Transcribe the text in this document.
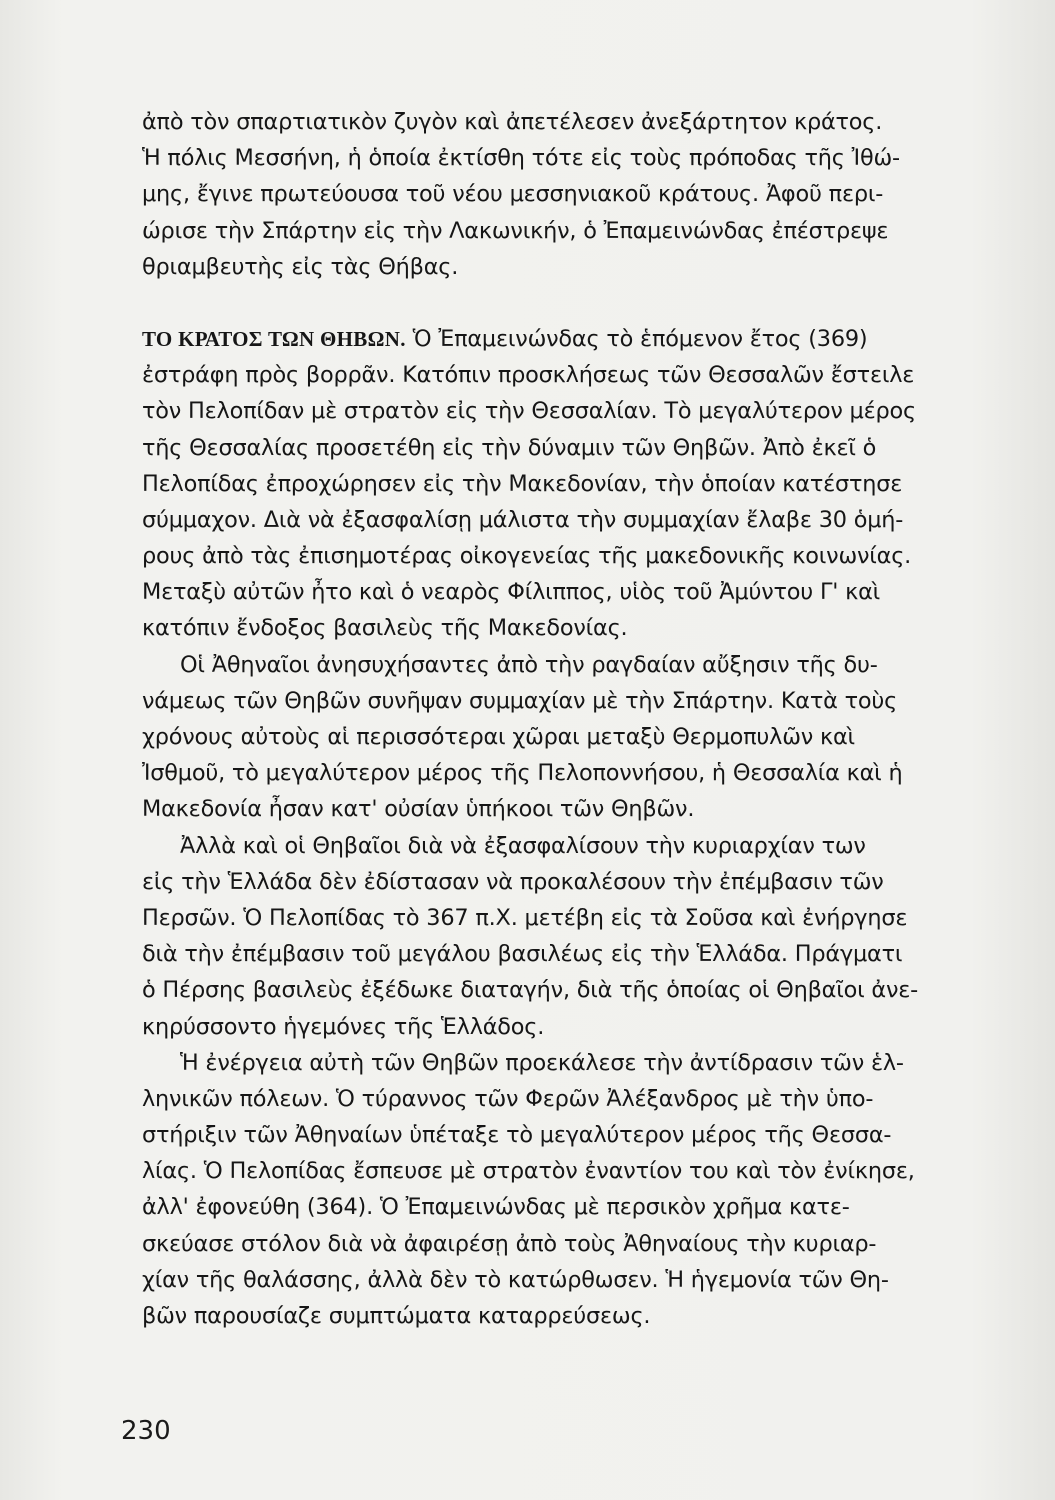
ἀπὸ τὸν σπαρτιατικὸν ζυγὸν καὶ ἀπετέλεσεν ἀνεξάρτητον κράτος.
Ἡ πόλις Μεσσήνη, ἡ ὁποία ἐκτίσθη τότε εἰς τοὺς πρόποδας τῆς Ἰθώ-
μης, ἔγινε πρωτεύουσα τοῦ νέου μεσσηνιακοῦ κράτους. Ἀφοῦ περι-
ώρισε τὴν Σπάρτην εἰς τὴν Λακωνικήν, ὁ Ἐπαμεινώνδας ἐπέστρεψε
θριαμβευτὴς εἰς τὰς Θήβας.
ΤΟ ΚΡΑΤΟΣ ΤΩΝ ΘΗΒΩΝ. Ὁ Ἐπαμεινώνδας τὸ ἑπόμενον ἔτος (369)
ἐστράφη πρὸς βορρᾶν. Κατόπιν προσκλήσεως τῶν Θεσσαλῶν ἔστειλε
τὸν Πελοπίδαν μὲ στρατὸν εἰς τὴν Θεσσαλίαν. Τὸ μεγαλύτερον μέρος
τῆς Θεσσαλίας προσετέθη εἰς τὴν δύναμιν τῶν Θηβῶν. Ἀπὸ ἐκεῖ ὁ
Πελοπίδας ἐπροχώρησεν εἰς τὴν Μακεδονίαν, τὴν ὁποίαν κατέστησε
σύμμαχον. Διὰ νὰ ἐξασφαλίσῃ μάλιστα τὴν συμμαχίαν ἔλαβε 30 ὁμή-
ρους ἀπὸ τὰς ἐπισημοτέρας οἰκογενείας τῆς μακεδονικῆς κοινωνίας.
Μεταξὺ αὐτῶν ἦτο καὶ ὁ νεαρὸς Φίλιππος, υἱὸς τοῦ Ἀμύντου Γ' καὶ
κατόπιν ἔνδοξος βασιλεὺς τῆς Μακεδονίας.
Οἱ Ἀθηναῖοι ἀνησυχήσαντες ἀπὸ τὴν ραγδαίαν αὔξησιν τῆς δυ-
νάμεως τῶν Θηβῶν συνῆψαν συμμαχίαν μὲ τὴν Σπάρτην. Κατὰ τοὺς
χρόνους αὐτοὺς αἱ περισσότεραι χῶραι μεταξὺ Θερμοπυλῶν καὶ
Ἰσθμοῦ, τὸ μεγαλύτερον μέρος τῆς Πελοποννήσου, ἡ Θεσσαλία καὶ ἡ
Μακεδονία ἦσαν κατ' οὐσίαν ὑπήκοοι τῶν Θηβῶν.
Ἀλλὰ καὶ οἱ Θηβαῖοι διὰ νὰ ἐξασφαλίσουν τὴν κυριαρχίαν των
εἰς τὴν Ἑλλάδα δὲν ἐδίστασαν νὰ προκαλέσουν τὴν ἐπέμβασιν τῶν
Περσῶν. Ὁ Πελοπίδας τὸ 367 π.Χ. μετέβη εἰς τὰ Σοῦσα καὶ ἐνήργησε
διὰ τὴν ἐπέμβασιν τοῦ μεγάλου βασιλέως εἰς τὴν Ἑλλάδα. Πράγματι
ὁ Πέρσης βασιλεὺς ἐξέδωκε διαταγήν, διὰ τῆς ὁποίας οἱ Θηβαῖοι ἀνε-
κηρύσσοντο ἡγεμόνες τῆς Ἑλλάδος.
Ἡ ἐνέργεια αὐτὴ τῶν Θηβῶν προεκάλεσε τὴν ἀντίδρασιν τῶν ἑλ-
ληνικῶν πόλεων. Ὁ τύραννος τῶν Φερῶν Ἀλέξανδρος μὲ τὴν ὑπο-
στήριξιν τῶν Ἀθηναίων ὑπέταξε τὸ μεγαλύτερον μέρος τῆς Θεσσα-
λίας. Ὁ Πελοπίδας ἔσπευσε μὲ στρατὸν ἐναντίον του καὶ τὸν ἐνίκησε,
ἀλλ' ἐφονεύθη (364). Ὁ Ἐπαμεινώνδας μὲ περσικὸν χρῆμα κατε-
σκεύασε στόλον διὰ νὰ ἀφαιρέσῃ ἀπὸ τοὺς Ἀθηναίους τὴν κυριαρ-
χίαν τῆς θαλάσσης, ἀλλὰ δὲν τὸ κατώρθωσεν. Ἡ ἡγεμονία τῶν Θη-
βῶν παρουσίαζε συμπτώματα καταρρεύσεως.
230
